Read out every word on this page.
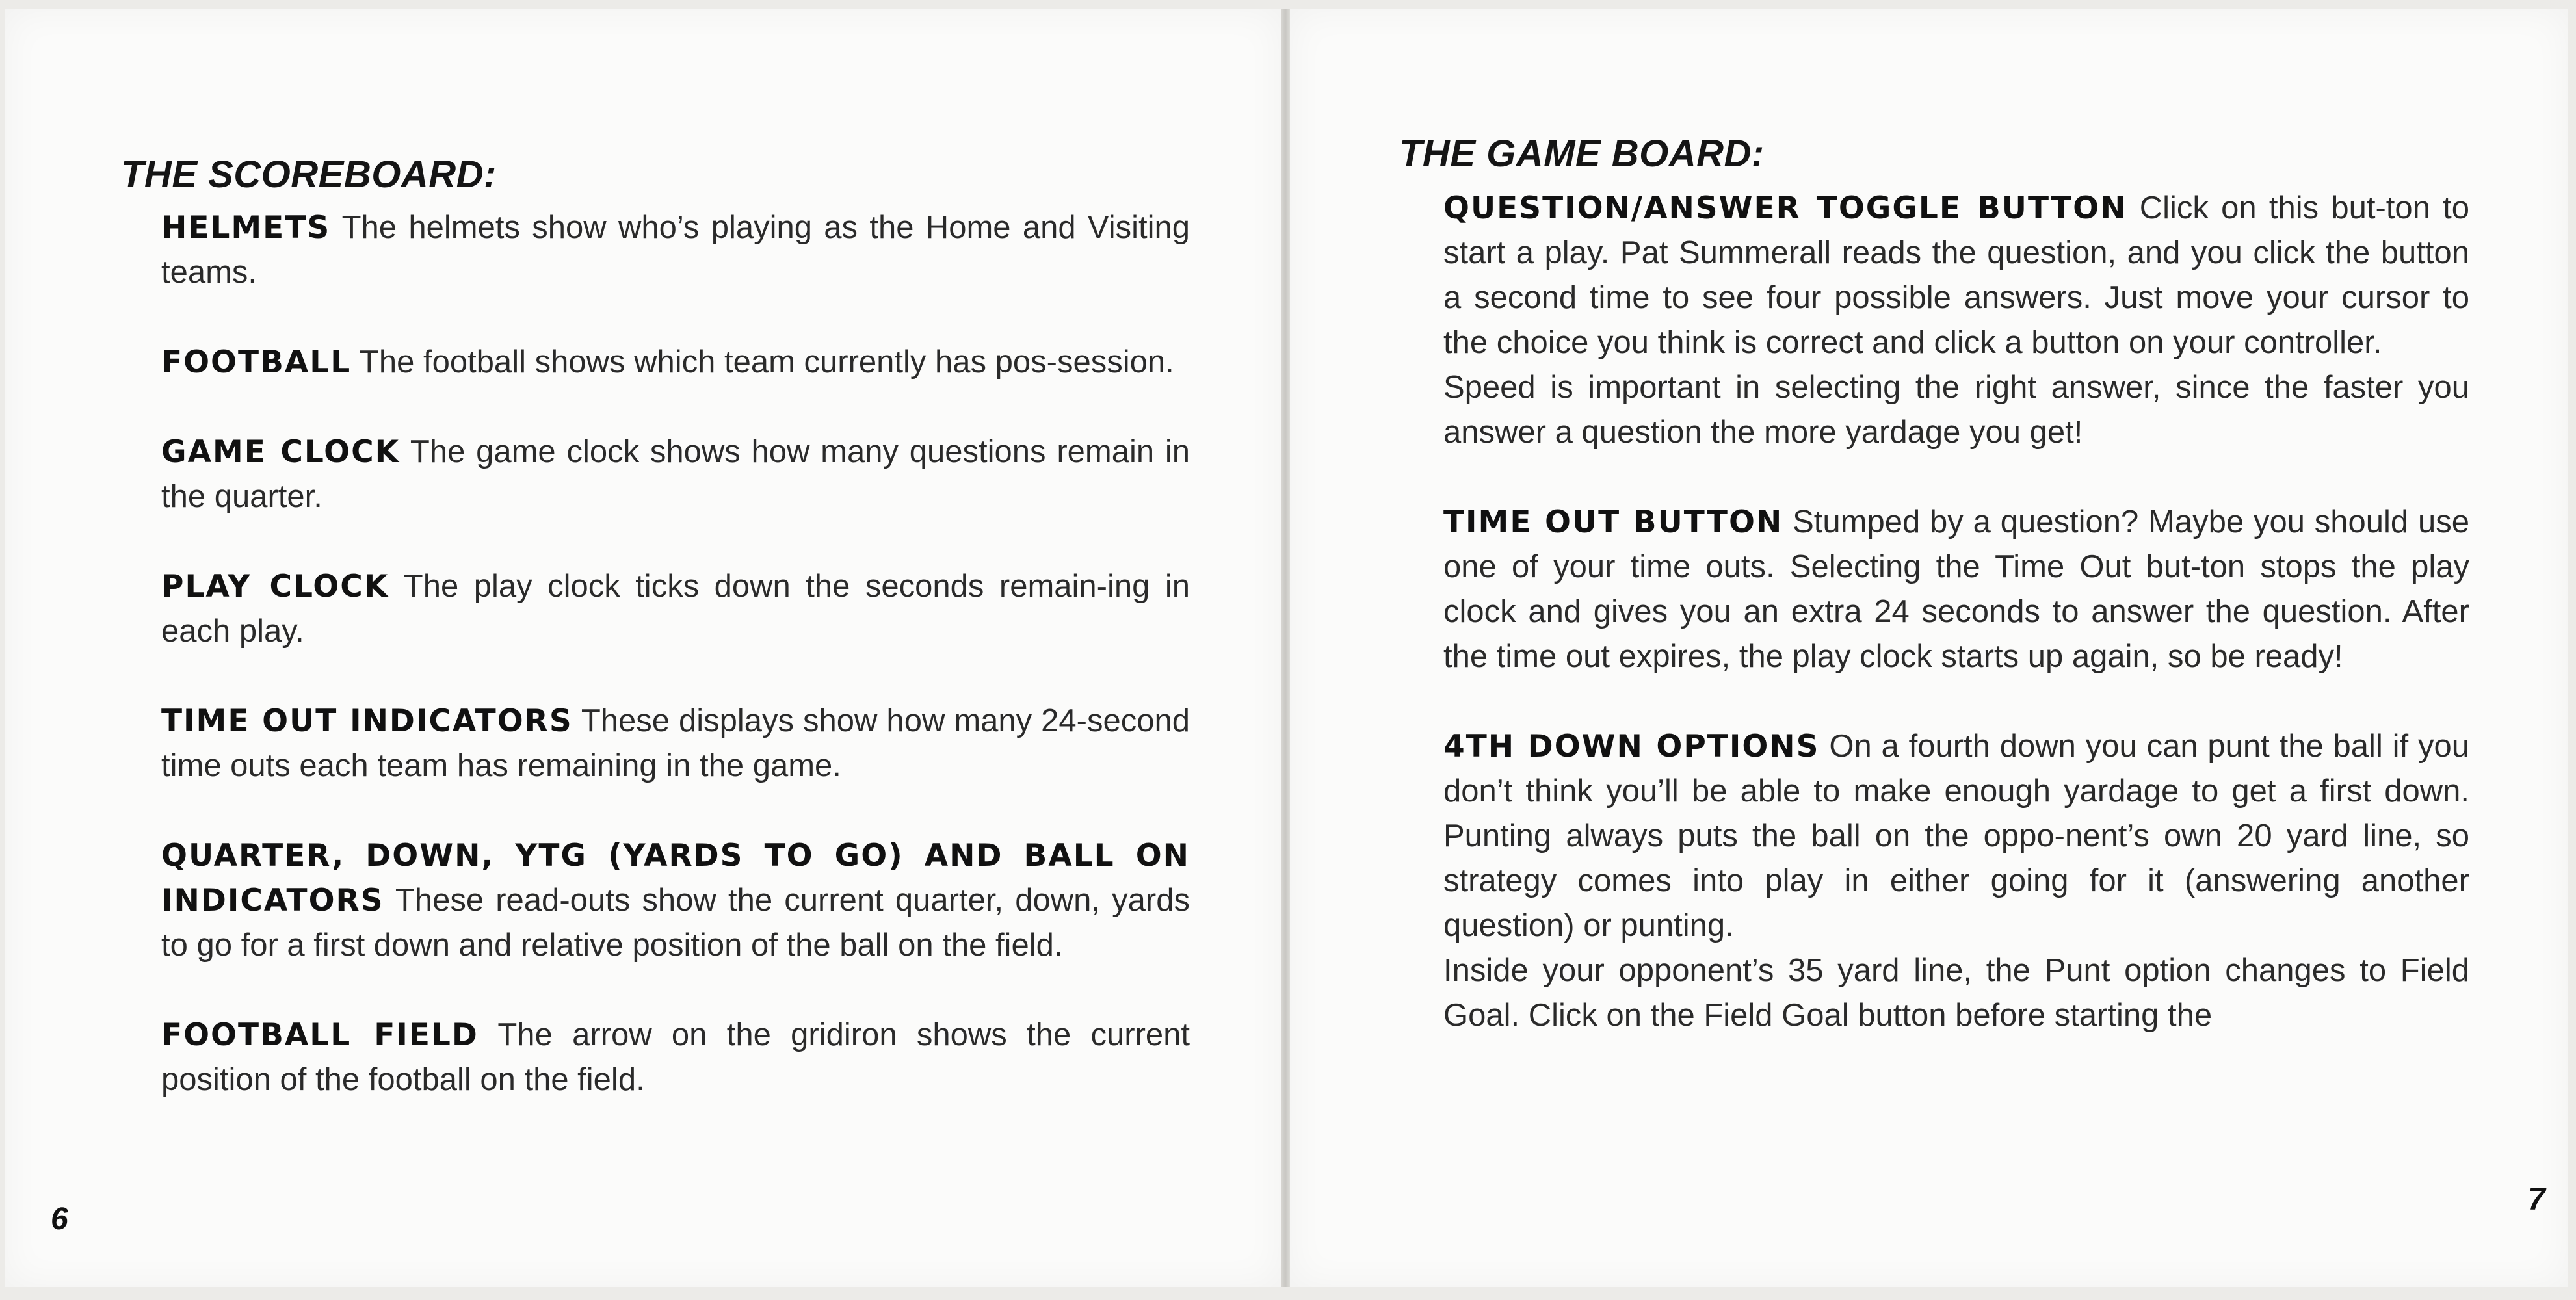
THE SCOREBOARD:

HELMETS The helmets show who’s playing as the Home and Visiting teams.

FOOTBALL The football shows which team currently has pos-session.

GAME CLOCK The game clock shows how many questions remain in the quarter.

PLAY CLOCK The play clock ticks down the seconds remain-ing in each play.

TIME OUT INDICATORS These displays show how many 24-second time outs each team has remaining in the game.

QUARTER, DOWN, YTG (YARDS TO GO) AND BALL ON INDICATORS These read-outs show the current quarter, down, yards to go for a first down and relative position of the ball on the field.

FOOTBALL FIELD The arrow on the gridiron shows the current position of the football on the field.

6
THE GAME BOARD:

QUESTION/ANSWER TOGGLE BUTTON Click on this but-ton to start a play. Pat Summerall reads the question, and you click the button a second time to see four possible answers. Just move your cursor to the choice you think is correct and click a button on your controller.

Speed is important in selecting the right answer, since the faster you answer a question the more yardage you get!

TIME OUT BUTTON Stumped by a question? Maybe you should use one of your time outs. Selecting the Time Out but-ton stops the play clock and gives you an extra 24 seconds to answer the question. After the time out expires, the play clock starts up again, so be ready!

4TH DOWN OPTIONS On a fourth down you can punt the ball if you don’t think you’ll be able to make enough yardage to get a first down. Punting always puts the ball on the oppo-nent’s own 20 yard line, so strategy comes into play in either going for it (answering another question) or punting.

Inside your opponent’s 35 yard line, the Punt option changes to Field Goal. Click on the Field Goal button before starting the

7
